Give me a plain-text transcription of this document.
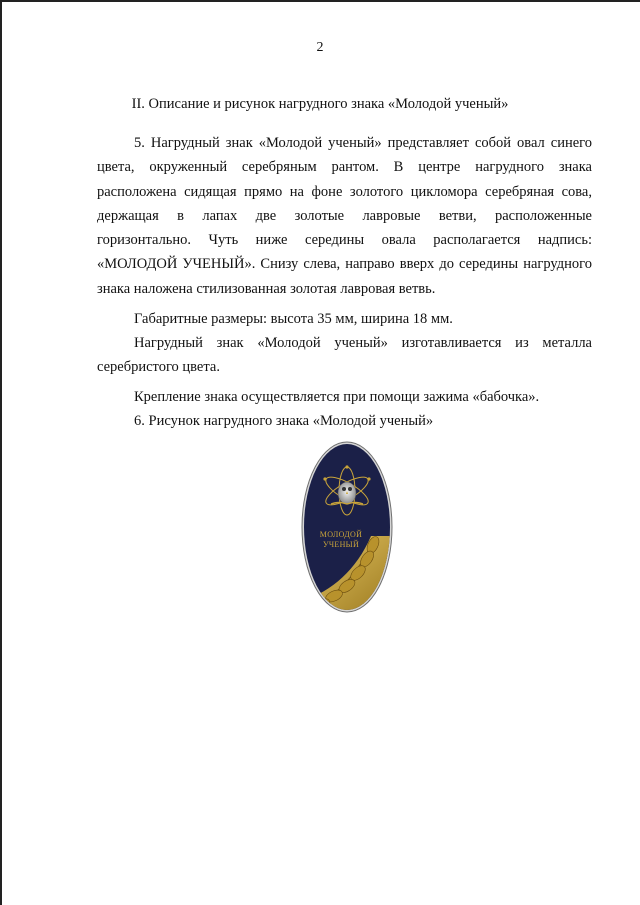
2
II. Описание и рисунок нагрудного знака «Молодой ученый»
5. Нагрудный знак «Молодой ученый» представляет собой овал синего
цвета, окруженный серебряным рантом. В центре нагрудного знака
расположена сидящая прямо на фоне золотого цикломора серебряная сова,
держащая в лапах две золотые лавровые ветви, расположенные
горизонтально. Чуть ниже середины овала располагается надпись:
«МОЛОДОЙ УЧЕНЫЙ». Снизу слева, направо вверх до середины нагрудного
знака наложена стилизованная золотая лавровая ветвь.
Габаритные размеры: высота 35 мм, ширина 18 мм.
Нагрудный знак «Молодой ученый» изготавливается из металла
серебристого цвета.
Крепление знака осуществляется при помощи зажима «бабочка».
6. Рисунок нагрудного знака «Молодой ученый»
МОЛОДОЙ
УЧЕНЫЙ
